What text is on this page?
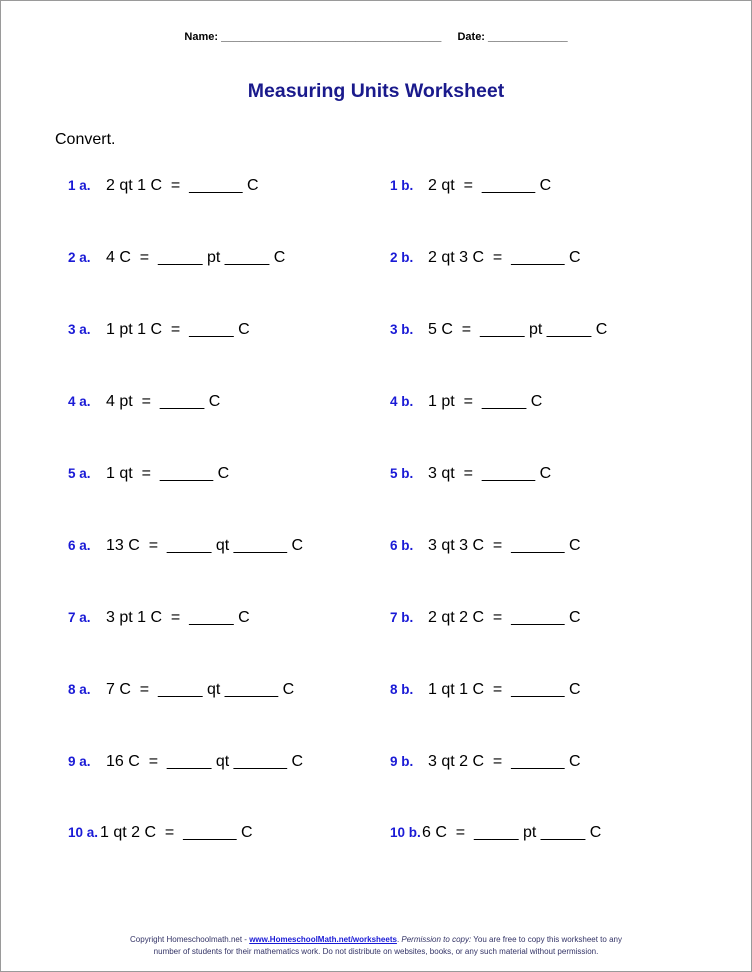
Name: ____________________________________ Date: _____________
Measuring Units Worksheet
Convert.
1 a. 2 qt 1 C  =  ______ C
2 a. 4 C  =  _____ pt _____ C
3 a. 1 pt 1 C  =  _____ C
4 a. 4 pt  =  _____ C
5 a. 1 qt  =  ______ C
6 a. 13 C  =  _____ qt ______ C
7 a. 3 pt 1 C  =  _____ C
8 a. 7 C  =  _____ qt ______ C
9 a. 16 C  =  _____ qt ______ C
10 a. 1 qt 2 C  =  ______ C
1 b. 2 qt  =  ______ C
2 b. 2 qt 3 C  =  ______ C
3 b. 5 C  =  _____ pt _____ C
4 b. 1 pt  =  _____ C
5 b. 3 qt  =  ______ C
6 b. 3 qt 3 C  =  ______ C
7 b. 2 qt 2 C  =  ______ C
8 b. 1 qt 1 C  =  ______ C
9 b. 3 qt 2 C  =  ______ C
10 b. 6 C  =  _____ pt _____ C
Copyright Homeschoolmath.net - www.HomeschoolMath.net/worksheets. Permission to copy: You are free to copy this worksheet to any
number of students for their mathematics work. Do not distribute on websites, books, or any such material without permission.
